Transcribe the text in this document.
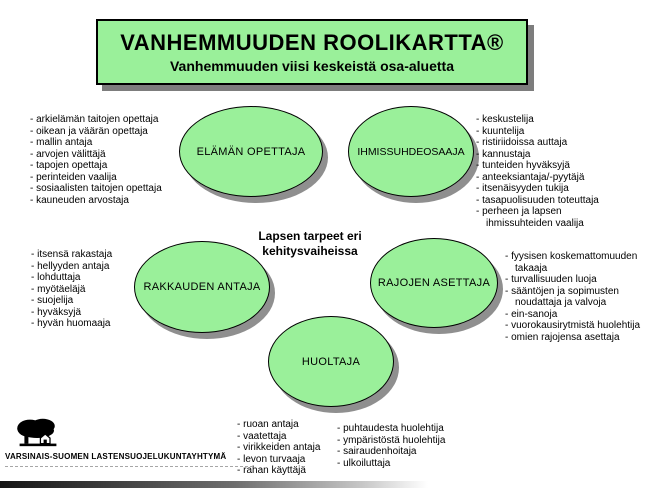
VANHEMMUUDEN ROOLIKARTTA®
Vanhemmuuden viisi keskeistä osa-aluetta
ELÄMÄN OPETTAJA	IHMISSUHDEOSAAJA
RAKKAUDEN ANTAJA	RAJOJEN ASETTAJA
HUOLTAJA
- arkielämän taitojen opettaja
- oikean ja väärän opettaja
- mallin antaja
- arvojen välittäjä
- tapojen opettaja
- perinteiden vaalija
- sosiaalisten taitojen opettaja
- kauneuden arvostaja
- keskustelija
- kuuntelija
- ristiriidoissa auttaja
- kannustaja
- tunteiden hyväksyjä
- anteeksiantaja/-pyytäjä
- itsenäisyyden tukija
- tasapuolisuuden toteuttaja
- perheen ja lapsen ihmissuhteiden vaalija
- itsensä rakastaja
- hellyyden antaja
- lohduttaja
- myötäeläjä
- suojelija
- hyväksyjä
- hyvän huomaaja
- fyysisen koskemattomuuden takaaja
- turvallisuuden luoja
- sääntöjen ja sopimusten noudattaja ja valvoja
- ein-sanoja
- vuorokausirytmistä huolehtija
- omien rajojensa asettaja
- ruoan antaja
- vaatettaja
- virikkeiden antaja
- levon turvaaja
- rahan käyttäjä
- puhtaudesta huolehtija
- ympäristöstä huolehtija
- sairaudenhoitaja
- ulkoiluttaja
Lapsen tarpeet eri
kehitysvaiheissa
VARSINAIS-SUOMEN LASTENSUOJELUKUNTAYHTYMÄ
